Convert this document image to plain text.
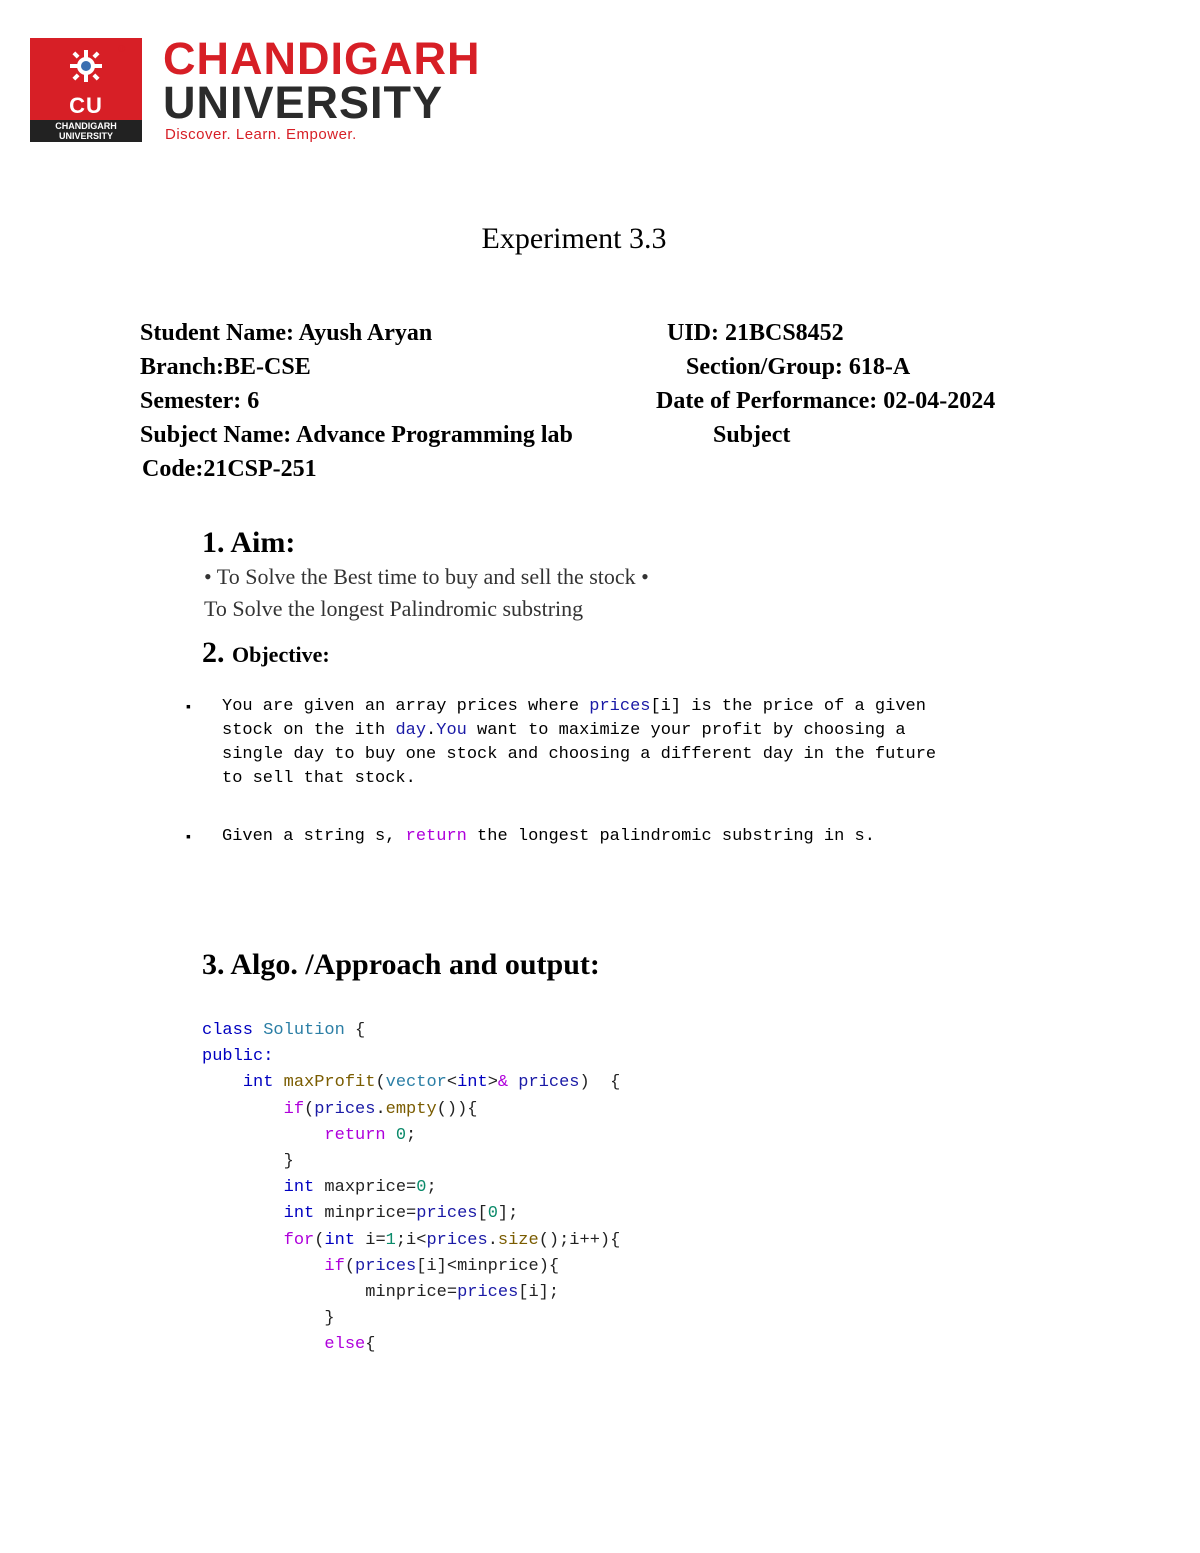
CU
CHANDIGARH
UNIVERSITY
® CHANDIGARH
UNIVERSITY
Discover. Learn. Empower.
Experiment 3.3
Student Name: Ayush Aryan	UID: 21BCS8452
Branch:BE-CSE	Section/Group: 618-A
Semester: 6	Date of Performance: 02-04-2024
Subject Name: Advance Programming lab	Subject
Code:21CSP-251
1. Aim:
• To Solve the Best time to buy and sell the stock •
To Solve the longest Palindromic substring
2. Objective:
▪ You are given an array prices where prices[i] is the price of a given
stock on the ith day.You want to maximize your profit by choosing a
single day to buy one stock and choosing a different day in the future
to sell that stock.
▪ Given a string s, return the longest palindromic substring in s.
3. Algo. /Approach and output:
class Solution {
public:
int maxProfit(vector<int>& prices)  {
if(prices.empty()){
return 0;
}
int maxprice=0;
int minprice=prices[0];
for(int i=1;i<prices.size();i++){
if(prices[i]<minprice){
minprice=prices[i];
}
else{
